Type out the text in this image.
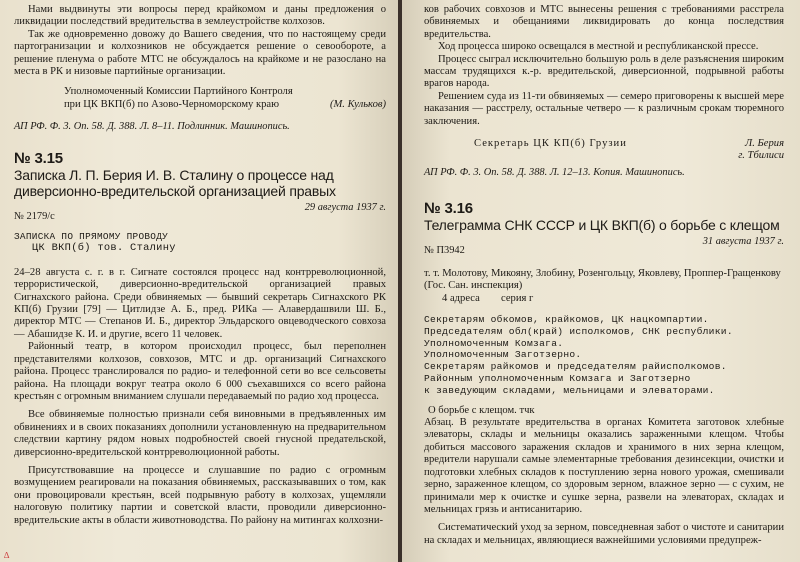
Нами выдвинуты эти вопросы перед крайкомом и даны предложения о ликвидации последствий вредительства в землеустройстве колхозов.

Так же одновременно довожу до Вашего сведения, что по настоящему среди партогранизации и колхозников не обсуждается решение о севооборотe, а решение пленума о работе МТС не обсуждалось на крайкоме и не разослано на места в РК и низовые партийные организации.

Уполномоченный Комиссии Партийного Контроля

при ЦК ВКП(б) по Азово-Черноморскому краю	(М. Кульков)

АП РФ. Ф. 3. Оп. 58. Д. 388. Л. 8–11. Подлинник. Машинопись.

№ 3.15

Записка Л. П. Берия И. В. Сталину о процессе над диверсионно-вредительской организацией правых

29 августа 1937 г.

№ 2179/с

ЗАПИСКА ПО ПРЯМОМУ ПРОВОДУ

ЦК ВКП(б) тов. Сталину

24–28 августа с. г. в г. Сигнате состоялся процесс над контрреволюционной, террористической, диверсионно-вредительской организацией правых Сигнахского района. Среди обвиняемых — бывший секретарь Сигнахского РК КП(б) Грузии [79] — Цитлидзе А. Б., пред. РИКа — Алавердашвили Ш. Б., директор МТС — Степанов И. Б., директор Эльдарского овцеводческого совхоза — Абашидзе К. И. и другие, всего 11 человек.

Районный театр, в котором происходил процесс, был переполнен представителями колхозов, совхозов, МТС и др. организаций Сигнахского района. Процесс транслировался по радио- и телефонной сети во все сельсоветы района. На площади вокруг театра около 6 000 съехавшихся со всего района крестьян с огромным вниманием слушали передаваемый по радио ход процесса.

Все обвиняемые полностью признали себя виновными в предъявленных им обвинениях и в своих показаниях дополнили установленную на предварительном следствии картину рядом новых подробностей своей гнусной предательской, диверсионно-вредительской контрреволюционной работы.

Присутствовавшие на процессе и слушавшие по радио с огромным возмущением реагировали на показания обвиняемых, рассказывавших о том, как они провоцировали крестьян, всей подрывную работу в колхозах, ущемляли налоговую политику партии и советской власти, проводили диверсионно-вредительские акты в области животноводства. По району на митингах колхозни-

∆

ков рабочих совхозов и МТС вынесены решения с требованиями расстрела обвиняемых и обещаниями ликвидировать до конца последствия вредительства.

Ход процесса широко освещался в местной и республиканской прессе.

Процесс сыграл исключительно большую роль в деле разъяснения широким массам трудящихся к.-р. вредительской, диверсионной, подрывной работы врагов народа.

Решением суда из 11-ти обвиняемых — семеро приговорены к высшей мере наказания — расстрелу, остальные четверо — к различным срокам тюремного заключения.

Секретарь ЦК КП(б) Грузии	Л. Берия

г. Тбилиси

АП РФ. Ф. 3. Оп. 58. Д. 388. Л. 12–13. Копия. Машинопись.

№ 3.16

Телеграмма СНК СССР и ЦК ВКП(б) о борьбе с клещом

31 августа 1937 г.

№ П3942

т. т. Молотову, Микояну, Злобину, Розенгольцу, Яковлеву, Проппер-Гращенкову (Гос. Сан. инспекция)

4 адреса        серия г

Секретарям обкомов, крайкомов, ЦК нацкомпартии.

Председателям обл(край) исполкомов, СНК республики.

Уполномоченным Комзага.

Уполномоченным Заготзерно.

Секретарям райкомов и председателям райисполкомов.

Районным уполномоченным Комзага и Заготзерно

к заведующим складами, мельницами и элеваторами.

О борьбе с клещом. тчк

Абзац. В результате вредительства в органах Комитета заготовок хлебные элеваторы, склады и мельницы оказались зараженными клещом. Чтобы добиться массового заражения складов и хранимого в них зерна клещом, вредители нарушали самые элементарные требования дезинсекции, очистки и подготовки хлебных складов к поступлению зерна нового урожая, смешивали зерно, зараженное клещом, со здоровым зерном, влажное зерно — с сухим, не принимали мер к очистке и сушке зерна, развели на элеваторах, складах и мельницах грязь и антисанитарию.

Систематический уход за зерном, повседневная забот о чистоте и санитарии на складах и мельницах, являющиеся важнейшими условиями предупреж-
